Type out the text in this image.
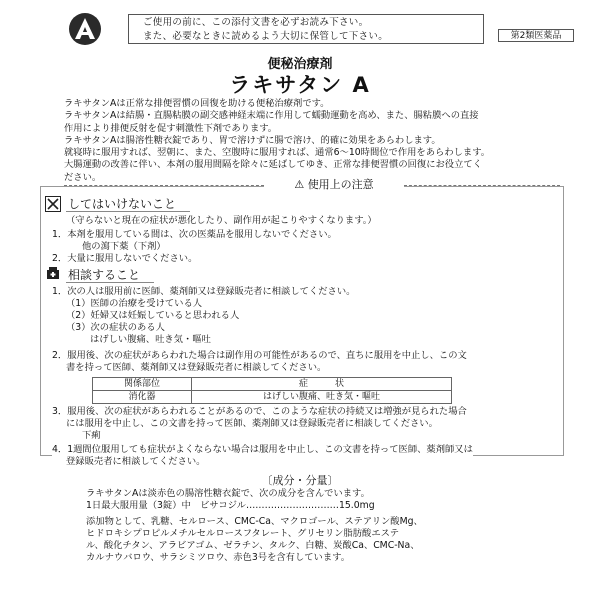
ご使用の前に、この添付文書を必ずお読み下さい。
また、必要なときに読めるよう大切に保管して下さい。	第2類医薬品
便秘治療剤
ラキサタン A
ラキサタンAは正常な排便習慣の回復を助ける便秘治療剤です。
ラキサタンAは結腸・直腸粘膜の副交感神経末端に作用して蠕動運動を高め、また、腸粘膜への直接
作用により排便反射を促す刺激性下剤であります。
ラキサタンAは腸溶性糖衣錠であり、胃で溶けずに腸で溶け、的確に効果をあらわします。
就寝時に服用すれば、翌朝に、また、空腹時に服用すれば、通常6～10時間位で作用をあらわします。
大腸運動の改善に伴い、本剤の服用間隔を除々に延ばしてゆき、正常な排便習慣の回復にお役立てく
ださい。
⚠ 使用上の注意
してはいけないこと
（守らないと現在の症状が悪化したり、副作用が起こりやすくなります。）
1．本剤を服用している間は、次の医薬品を服用しないでください。
他の瀉下薬（下剤）
2．大量に服用しないでください。
相談すること
1．次の人は服用前に医師、薬剤師又は登録販売者に相談してください。
（1）医師の治療を受けている人
（2）妊婦又は妊娠していると思われる人
（3）次の症状のある人
はげしい腹痛、吐き気・嘔吐
2．服用後、次の症状があらわれた場合は副作用の可能性があるので、直ちに服用を中止し、この文
書を持って医師、薬剤師又は登録販売者に相談してください。
関係部位	症　　　状
消化器	はげしい腹痛、吐き気・嘔吐
3．服用後、次の症状があらわれることがあるので、このような症状の持続又は増強が見られた場合
には服用を中止し、この文書を持って医師、薬剤師又は登録販売者に相談してください。
下痢
4．1週間位服用しても症状がよくならない場合は服用を中止し、この文書を持って医師、薬剤師又は
登録販売者に相談してください。
〔成分・分量〕
ラキサタンAは淡赤色の腸溶性糖衣錠で、次の成分を含んでいます。
1日最大服用量（3錠）中　ビサコジル…………………………15.0mg
添加物として、乳糖、セルロース、CMC-Ca、マクロゴール、ステアリン酸Mg、
ヒドロキシプロピルメチルセルロースフタレート、グリセリン脂肪酸エステ
ル、酸化チタン、アラビアゴム、ゼラチン、タルク、白糖、炭酸Ca、CMC-Na、
カルナウバロウ、サラシミツロウ、赤色3号を含有しています。
